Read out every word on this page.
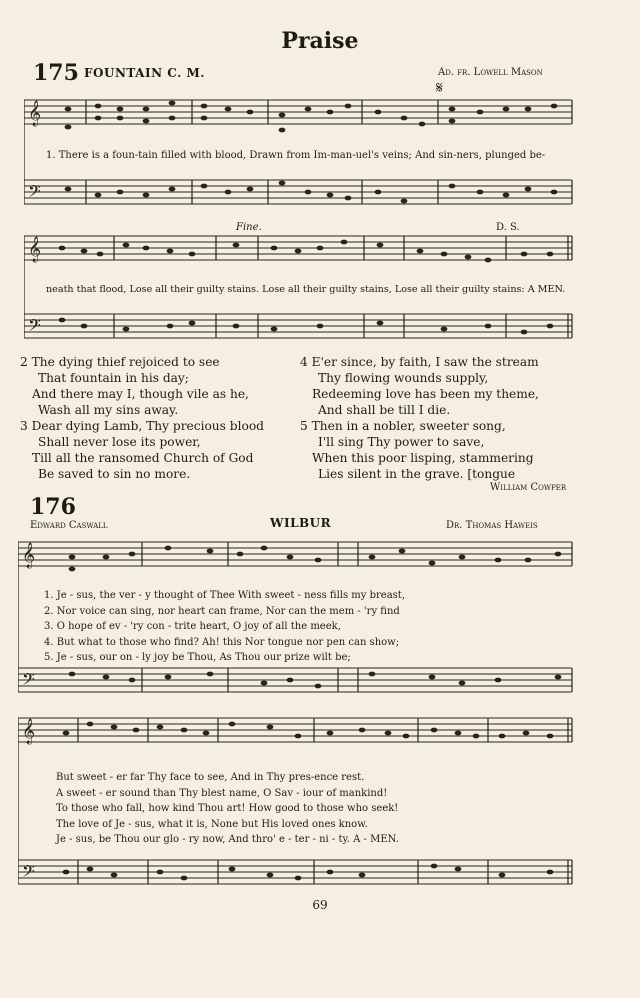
Praise
175 FOUNTAIN C. M.	Ad. fr. Lowell Mason
𝄋
𝄞
𝄢
1. There is a foun-tain filled with blood, Drawn from Im-man-uel's veins; And sin-ners, plunged be-
𝄞
𝄢
Fine.	D. S.
neath that flood, Lose all their guilty stains. Lose all their guilty stains, Lose all their guilty stains: A MEN.
2 The dying thief rejoiced to see
That fountain in his day;
And there may I, though vile as he,
Wash all my sins away.
3 Dear dying Lamb, Thy precious blood
Shall never lose its power,
Till all the ransomed Church of God
Be saved to sin no more.
4 E'er since, by faith, I saw the stream
Thy flowing wounds supply,
Redeeming love has been my theme,
And shall be till I die.
5 Then in a nobler, sweeter song,
I'll sing Thy power to save,
When this poor lisping, stammering
Lies silent in the grave. [tongue
William Cowper
176
Edward Caswall	WILBUR	Dr. Thomas Haweis
𝄞
𝄢
1. Je - sus, the ver - y thought of Thee With sweet - ness fills my breast,
2. Nor voice can sing, nor heart can frame, Nor can the mem - 'ry find
3. O hope of ev - 'ry con - trite heart, O joy of all the meek,
4. But what to those who find? Ah! this Nor tongue nor pen can show;
5. Je - sus, our on - ly joy be Thou, As Thou our prize wilt be;
𝄞
𝄢
But sweet - er far Thy face to see, And in Thy pres-ence rest.
A sweet - er sound than Thy blest name, O Sav - iour of mankind!
To those who fall, how kind Thou art! How good to those who seek!
The love of Je - sus, what it is, None but His loved ones know.
Je - sus, be Thou our glo - ry now, And thro' e - ter - ni - ty. A - MEN.
69
